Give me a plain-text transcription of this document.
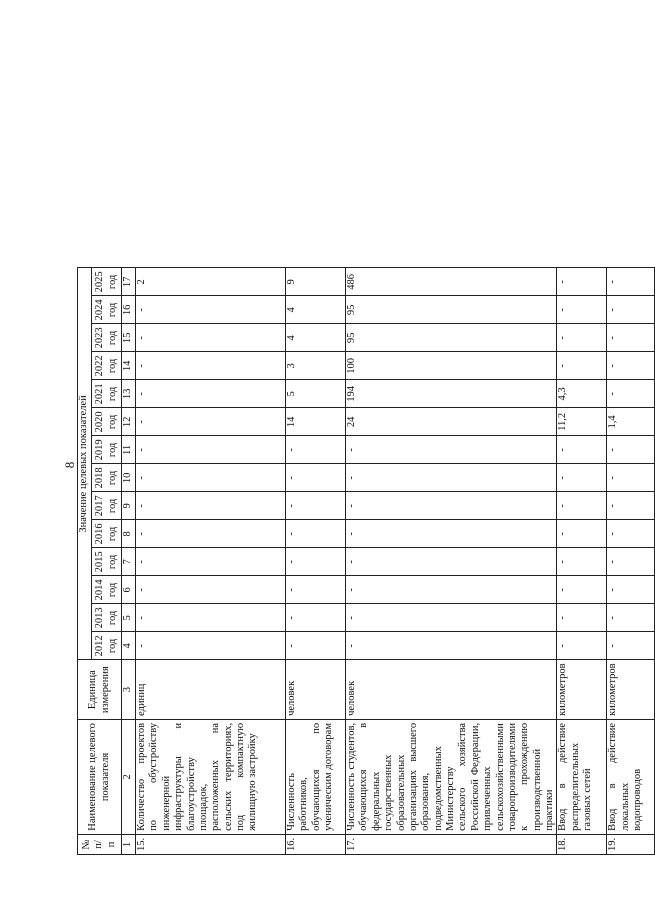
8
№ п/п	Наименование целевого показателя	Единица измерения	Значение целевых показателей													
			2012 год	2013 год	2014 год	2015 год	2016 год	2017 год	2018 год	2019 год	2020 год	2021 год	2022 год	2023 год	2024 год	2025 год
1	2	3	4	5	6	7	8	9	10	11	12	13	14	15	16	17
15.	Количество проектов по обустройству инженерной инфраструктуры и благоустройству площадок, расположенных на сельских территориях, под компактную жилищную застройку	единиц	-	-	-	-	-	-	-	-	-	-	-	-	-	2
16.	Численность работников, обучающихся по ученическим договорам	человек	-	-	-	-	-	-	-	-	14	5	3	4	4	9
17.	Численность студентов, обучающихся в федеральных государственных образовательных организациях высшего образования, подведомственных Министерству сельского хозяйства Российской Федерации, привлеченных сельскохозяйственными товаропроизводителями к прохождению производственной практики	человек	-	-	-	-	-	-	-	-	24	194	100	95	95	486
18.	Ввод в действие распределительных газовых сетей	километров	-	-	-	-	-	-	-	-	11,2	4,3	-	-	-	-
19.	Ввод в действие локальных водопроводов	километров	-	-	-	-	-	-	-	-	1,4	-	-	-	-	-
